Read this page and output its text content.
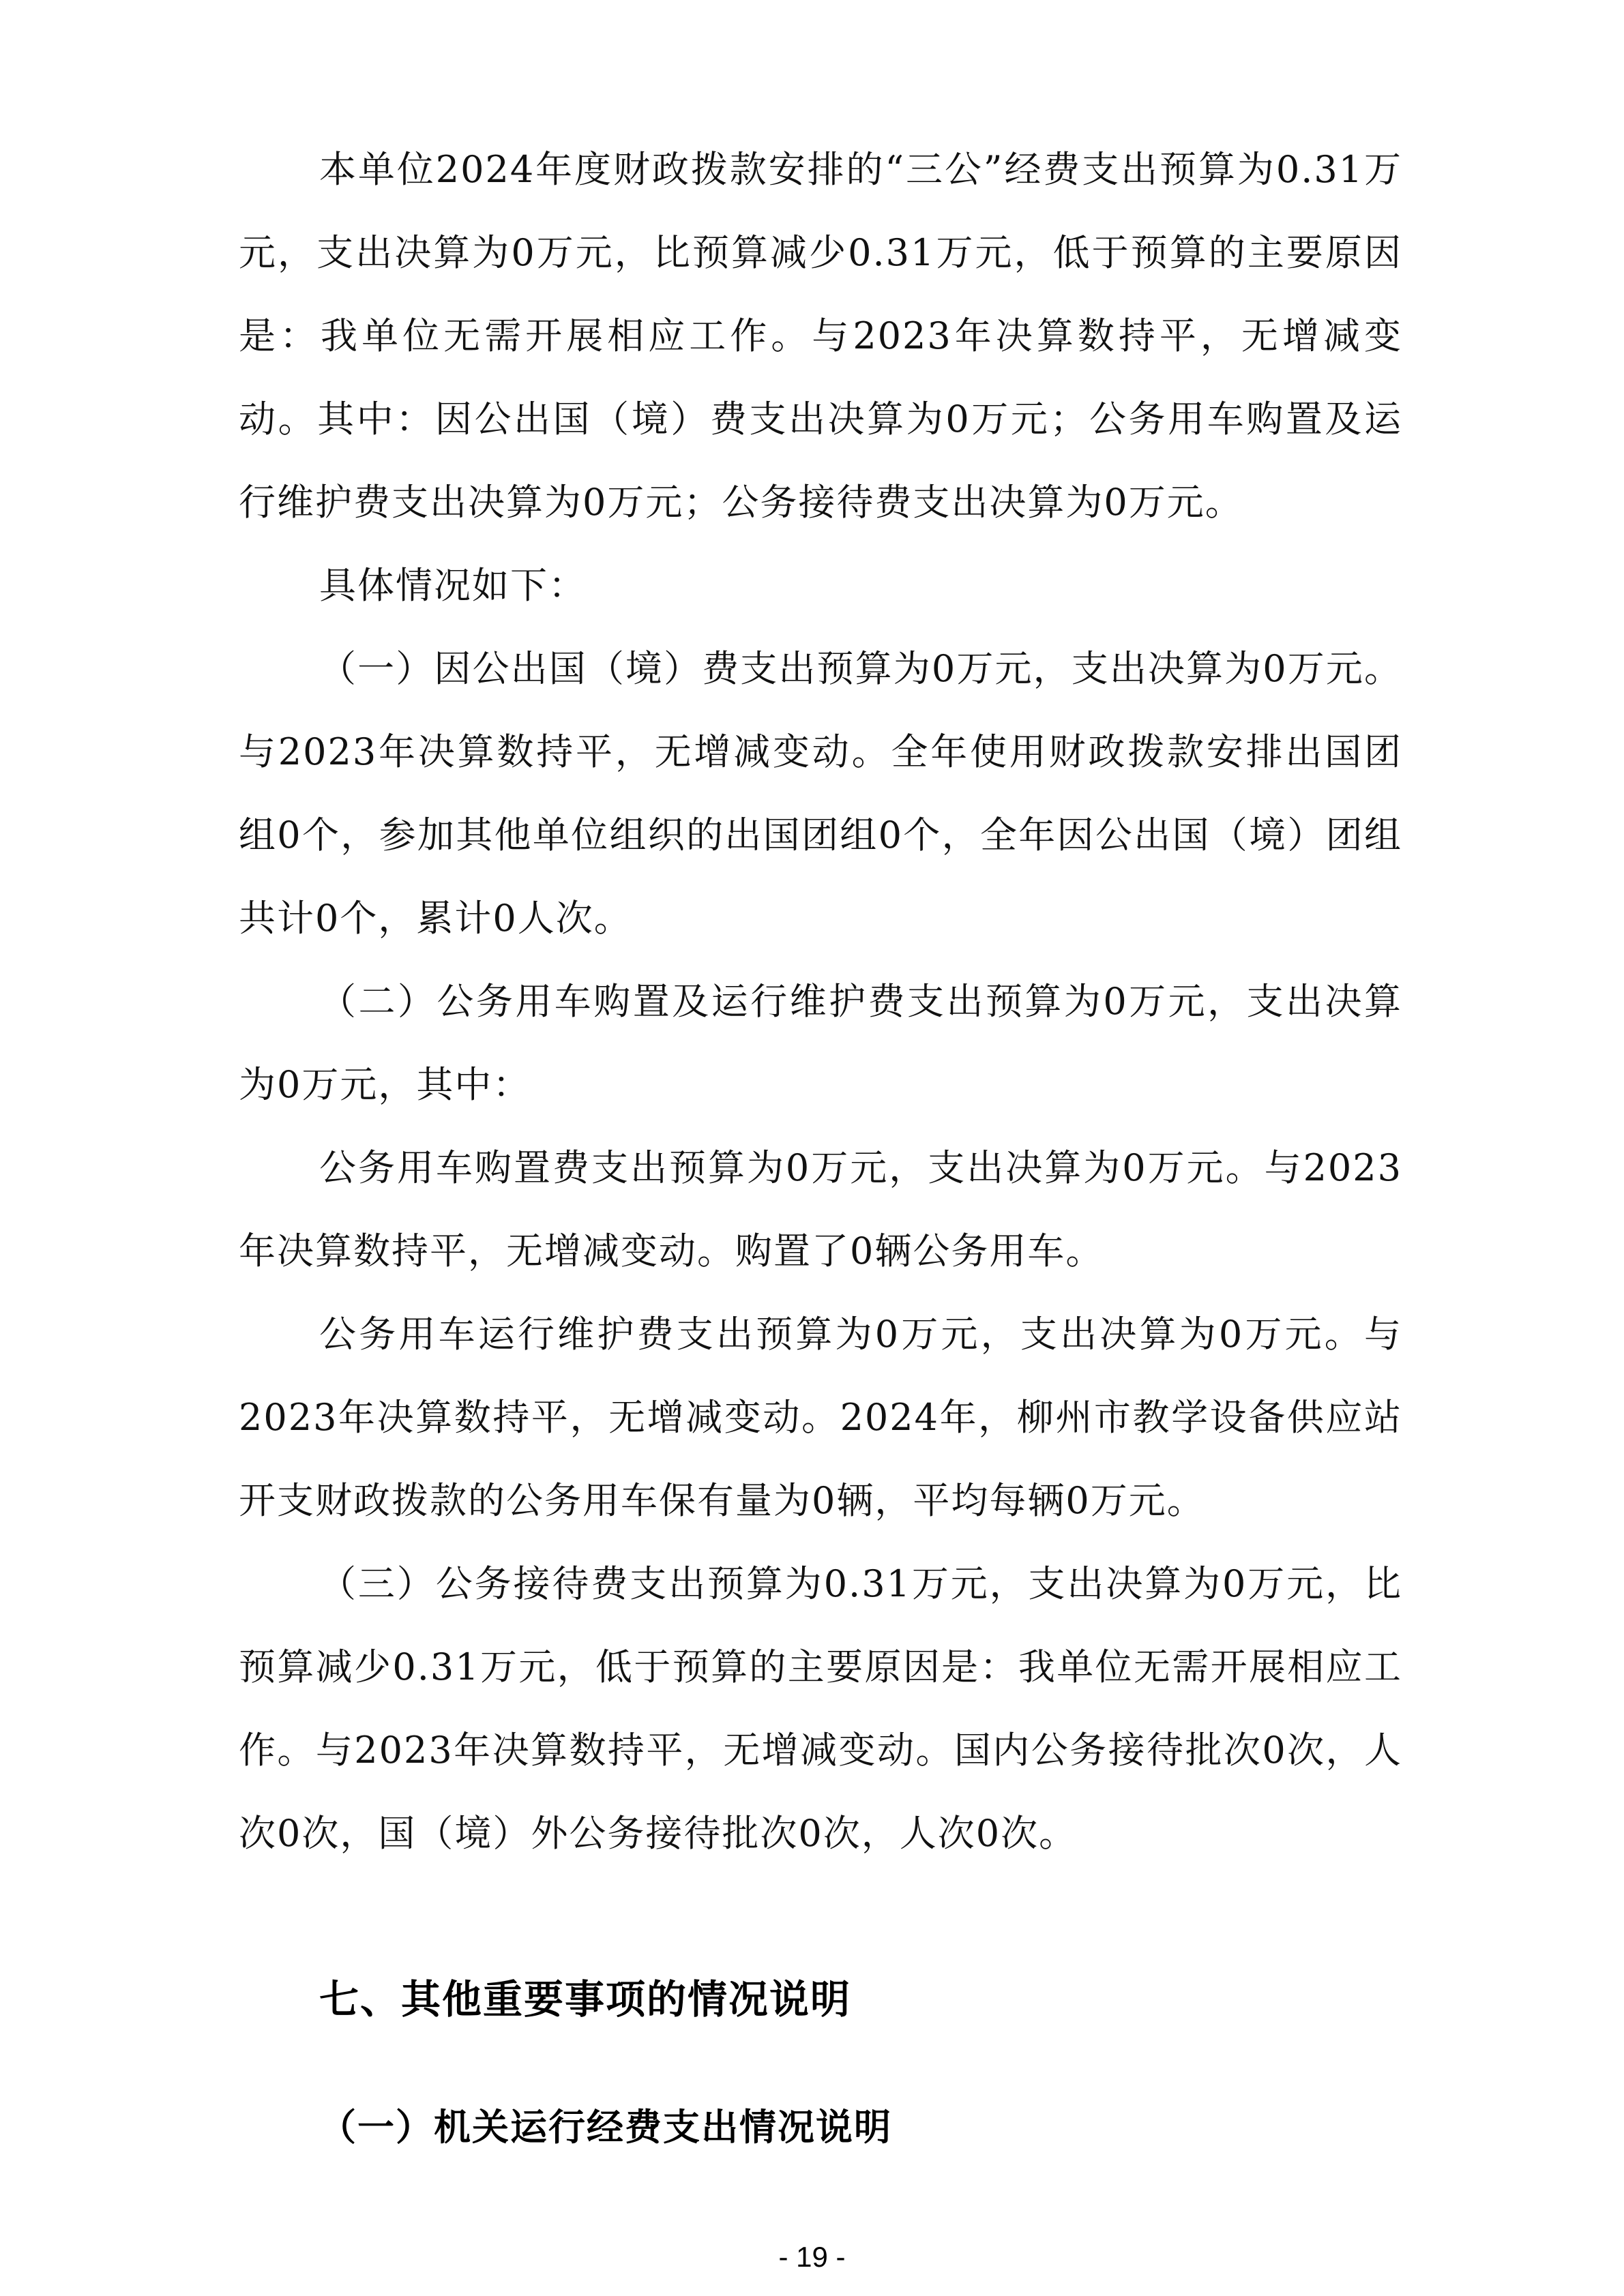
本单位2024年度财政拨款安排的“三公”经费支出预算为0.31万元，支出决算为0万元，比预算减少0.31万元，低于预算的主要原因是：我单位无需开展相应工作。与2023年决算数持平，无增减变动。其中：因公出国（境）费支出决算为0万元；公务用车购置及运行维护费支出决算为0万元；公务接待费支出决算为0万元。

具体情况如下：

（一）因公出国（境）费支出预算为0万元，支出决算为0万元。与2023年决算数持平，无增减变动。全年使用财政拨款安排出国团组0个，参加其他单位组织的出国团组0个，全年因公出国（境）团组共计0个，累计0人次。

（二）公务用车购置及运行维护费支出预算为0万元，支出决算为0万元，其中：

公务用车购置费支出预算为0万元，支出决算为0万元。与2023年决算数持平，无增减变动。购置了0辆公务用车。

公务用车运行维护费支出预算为0万元，支出决算为0万元。与2023年决算数持平，无增减变动。2024年，柳州市教学设备供应站开支财政拨款的公务用车保有量为0辆，平均每辆0万元。

（三）公务接待费支出预算为0.31万元，支出决算为0万元，比预算减少0.31万元，低于预算的主要原因是：我单位无需开展相应工作。与2023年决算数持平，无增减变动。国内公务接待批次0次，人次0次，国（境）外公务接待批次0次，人次0次。

七、其他重要事项的情况说明
（一）机关运行经费支出情况说明

- 19 -
